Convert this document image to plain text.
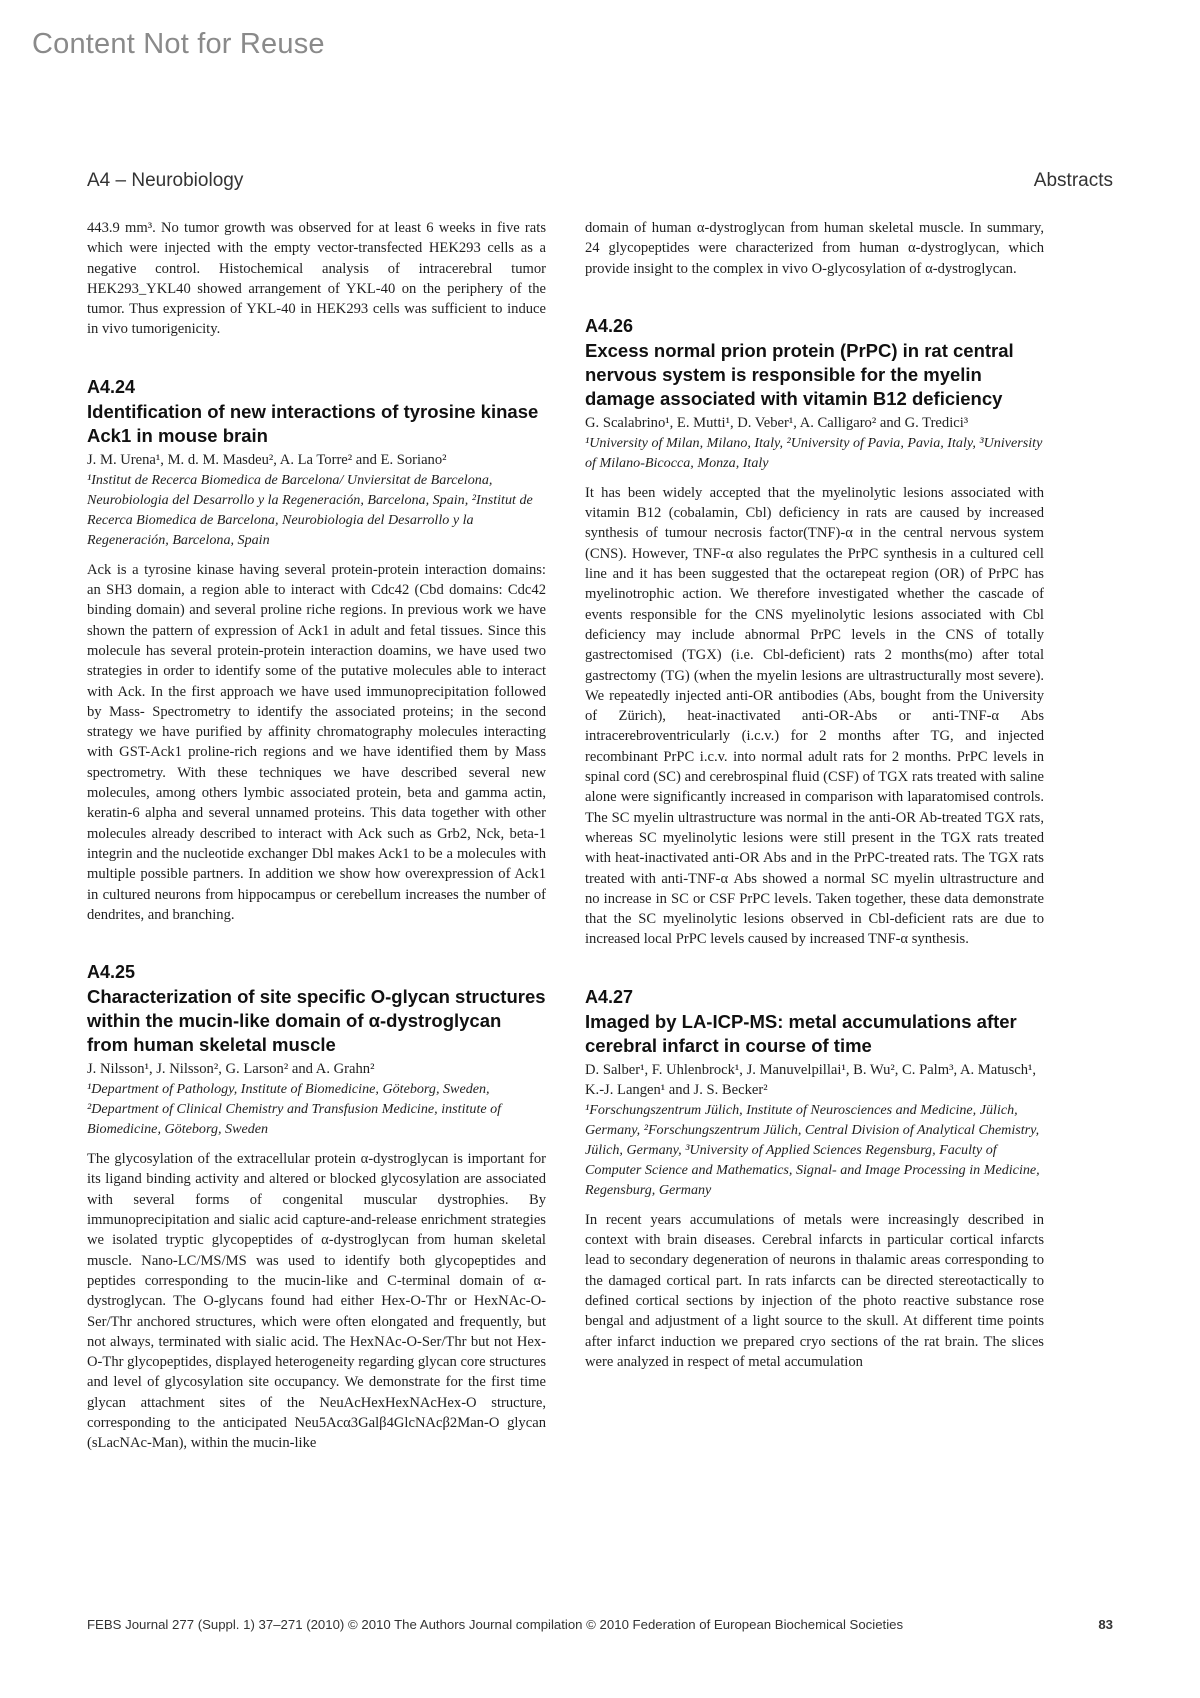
Content Not for Reuse
A4 – Neurobiology	Abstracts

443.9 mm³. No tumor growth was observed for at least 6 weeks in five rats which were injected with the empty vector-transfected HEK293 cells as a negative control. Histochemical analysis of intracerebral tumor HEK293_YKL40 showed arrangement of YKL-40 on the periphery of the tumor. Thus expression of YKL-40 in HEK293 cells was sufficient to induce in vivo tumorigenicity.

A4.24

Identification of new interactions of tyrosine kinase Ack1 in mouse brain

J. M. Urena¹, M. d. M. Masdeu², A. La Torre² and E. Soriano²

¹Institut de Recerca Biomedica de Barcelona/ Unviersitat de Barcelona, Neurobiologia del Desarrollo y la Regeneración, Barcelona, Spain, ²Institut de Recerca Biomedica de Barcelona, Neurobiologia del Desarrollo y la Regeneración, Barcelona, Spain

Ack is a tyrosine kinase having several protein-protein interaction domains: an SH3 domain, a region able to interact with Cdc42 (Cbd domains: Cdc42 binding domain) and several proline riche regions. In previous work we have shown the pattern of expression of Ack1 in adult and fetal tissues. Since this molecule has several protein-protein interaction doamins, we have used two strategies in order to identify some of the putative molecules able to interact with Ack. In the first approach we have used immunoprecipitation followed by Mass- Spectrometry to identify the associated proteins; in the second strategy we have purified by affinity chromatography molecules interacting with GST-Ack1 proline-rich regions and we have identified them by Mass spectrometry. With these techniques we have described several new molecules, among others lymbic associated protein, beta and gamma actin, keratin-6 alpha and several unnamed proteins. This data together with other molecules already described to interact with Ack such as Grb2, Nck, beta-1 integrin and the nucleotide exchanger Dbl makes Ack1 to be a molecules with multiple possible partners. In addition we show how overexpression of Ack1 in cultured neurons from hippocampus or cerebellum increases the number of dendrites, and branching.

A4.25

Characterization of site specific O-glycan structures within the mucin-like domain of α-dystroglycan from human skeletal muscle

J. Nilsson¹, J. Nilsson², G. Larson² and A. Grahn²

¹Department of Pathology, Institute of Biomedicine, Göteborg, Sweden, ²Department of Clinical Chemistry and Transfusion Medicine, institute of Biomedicine, Göteborg, Sweden

The glycosylation of the extracellular protein α-dystroglycan is important for its ligand binding activity and altered or blocked glycosylation are associated with several forms of congenital muscular dystrophies. By immunoprecipitation and sialic acid capture-and-release enrichment strategies we isolated tryptic glycopeptides of α-dystroglycan from human skeletal muscle. Nano-LC/MS/MS was used to identify both glycopeptides and peptides corresponding to the mucin-like and C-terminal domain of α-dystroglycan. The O-glycans found had either Hex-O-Thr or HexNAc-O-Ser/Thr anchored structures, which were often elongated and frequently, but not always, terminated with sialic acid. The HexNAc-O-Ser/Thr but not Hex-O-Thr glycopeptides, displayed heterogeneity regarding glycan core structures and level of glycosylation site occupancy. We demonstrate for the first time glycan attachment sites of the NeuAcHexHexNAcHex-O structure, corresponding to the anticipated Neu5Acα3Galβ4GlcNAcβ2Man-O glycan (sLacNAc-Man), within the mucin-like

domain of human α-dystroglycan from human skeletal muscle. In summary, 24 glycopeptides were characterized from human α-dystroglycan, which provide insight to the complex in vivo O-glycosylation of α-dystroglycan.

A4.26

Excess normal prion protein (PrPC) in rat central nervous system is responsible for the myelin damage associated with vitamin B12 deficiency

G. Scalabrino¹, E. Mutti¹, D. Veber¹, A. Calligaro² and G. Tredici³

¹University of Milan, Milano, Italy, ²University of Pavia, Pavia, Italy, ³University of Milano-Bicocca, Monza, Italy

It has been widely accepted that the myelinolytic lesions associated with vitamin B12 (cobalamin, Cbl) deficiency in rats are caused by increased synthesis of tumour necrosis factor(TNF)-α in the central nervous system (CNS). However, TNF-α also regulates the PrPC synthesis in a cultured cell line and it has been suggested that the octarepeat region (OR) of PrPC has myelinotrophic action. We therefore investigated whether the cascade of events responsible for the CNS myelinolytic lesions associated with Cbl deficiency may include abnormal PrPC levels in the CNS of totally gastrectomised (TGX) (i.e. Cbl-deficient) rats 2 months(mo) after total gastrectomy (TG) (when the myelin lesions are ultrastructurally most severe). We repeatedly injected anti-OR antibodies (Abs, bought from the University of Zürich), heat-inactivated anti-OR-Abs or anti-TNF-α Abs intracerebroventricularly (i.c.v.) for 2 months after TG, and injected recombinant PrPC i.c.v. into normal adult rats for 2 months. PrPC levels in spinal cord (SC) and cerebrospinal fluid (CSF) of TGX rats treated with saline alone were significantly increased in comparison with laparatomised controls. The SC myelin ultrastructure was normal in the anti-OR Ab-treated TGX rats, whereas SC myelinolytic lesions were still present in the TGX rats treated with heat-inactivated anti-OR Abs and in the PrPC-treated rats. The TGX rats treated with anti-TNF-α Abs showed a normal SC myelin ultrastructure and no increase in SC or CSF PrPC levels. Taken together, these data demonstrate that the SC myelinolytic lesions observed in Cbl-deficient rats are due to increased local PrPC levels caused by increased TNF-α synthesis.

A4.27

Imaged by LA-ICP-MS: metal accumulations after cerebral infarct in course of time

D. Salber¹, F. Uhlenbrock¹, J. Manuvelpillai¹, B. Wu², C. Palm³, A. Matusch¹, K.-J. Langen¹ and J. S. Becker²

¹Forschungszentrum Jülich, Institute of Neurosciences and Medicine, Jülich, Germany, ²Forschungszentrum Jülich, Central Division of Analytical Chemistry, Jülich, Germany, ³University of Applied Sciences Regensburg, Faculty of Computer Science and Mathematics, Signal- and Image Processing in Medicine, Regensburg, Germany

In recent years accumulations of metals were increasingly described in context with brain diseases. Cerebral infarcts in particular cortical infarcts lead to secondary degeneration of neurons in thalamic areas corresponding to the damaged cortical part. In rats infarcts can be directed stereotactically to defined cortical sections by injection of the photo reactive substance rose bengal and adjustment of a light source to the skull. At different time points after infarct induction we prepared cryo sections of the rat brain. The slices were analyzed in respect of metal accumulation

FEBS Journal 277 (Suppl. 1) 37–271 (2010) © 2010 The Authors Journal compilation © 2010 Federation of European Biochemical Societies	83
